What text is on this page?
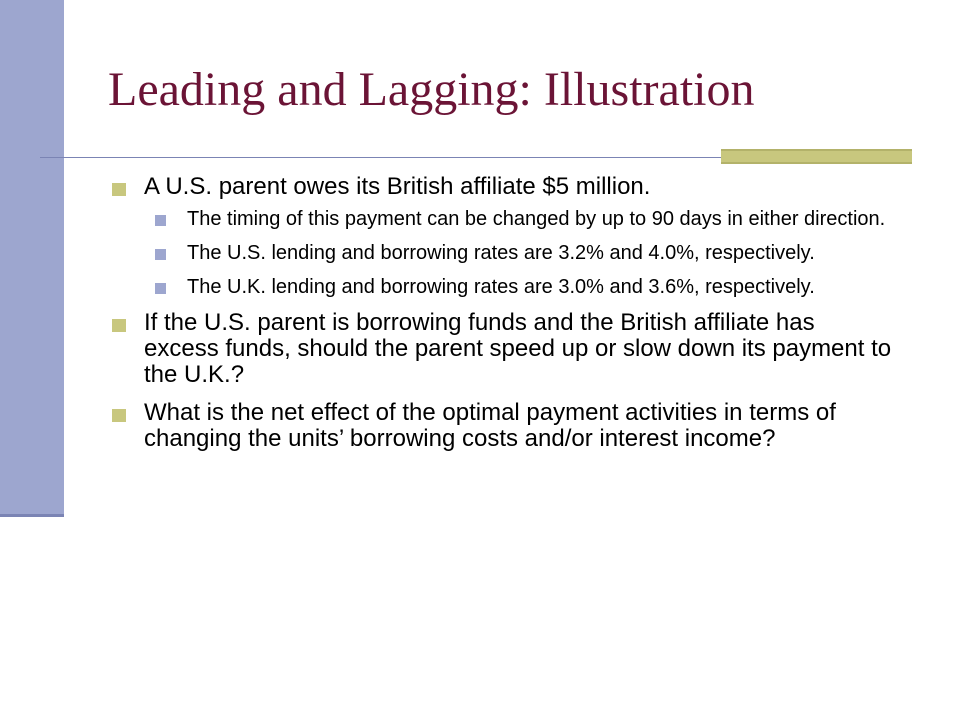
Leading and Lagging: Illustration
A U.S. parent owes its British affiliate $5 million.
The timing of this payment can be changed by up to 90 days in either direction.
The U.S. lending and borrowing rates are 3.2% and 4.0%, respectively.
The U.K. lending and borrowing rates are 3.0% and 3.6%, respectively.
If the U.S. parent is borrowing funds and the British affiliate has excess funds, should the parent speed up or slow down its payment to the U.K.?
What is the net effect of the optimal payment activities in terms of changing the units’ borrowing costs and/or interest income?
